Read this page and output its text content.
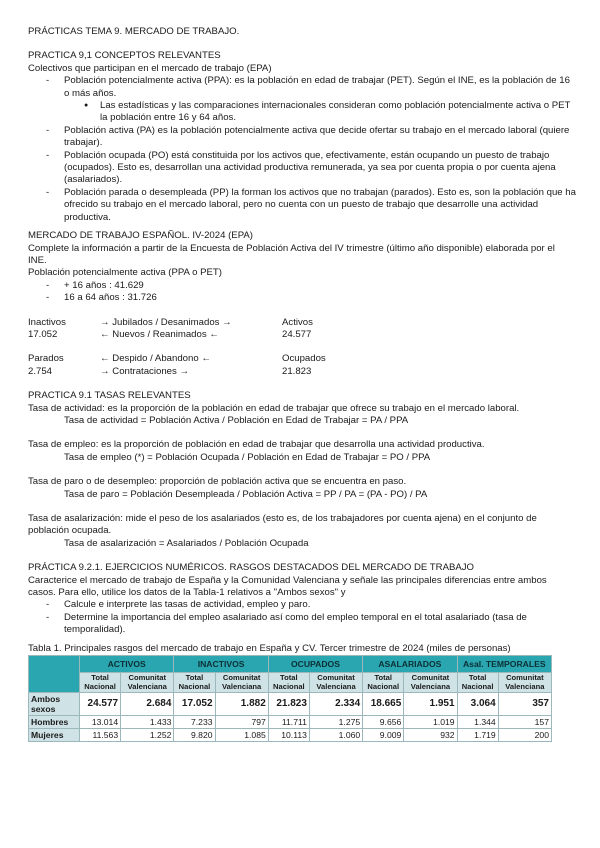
PRÁCTICAS TEMA 9. MERCADO DE TRABAJO.
PRACTICA 9,1 CONCEPTOS RELEVANTES
Colectivos que participan en el mercado de trabajo (EPA)
- Población potencialmente activa (PPA): es la población en edad de trabajar (PET). Según el INE, es la población de 16 o más años.
● Las estadísticas y las comparaciones internacionales consideran como población potencialmente activa o PET la población entre 16 y 64 años.
- Población activa (PA) es la población potencialmente activa que decide ofertar su trabajo en el mercado laboral (quiere trabajar).
- Población ocupada (PO) está constituida por los activos que, efectivamente, están ocupando un puesto de trabajo (ocupados). Esto es, desarrollan una actividad productiva remunerada, ya sea por cuenta propia o por cuenta ajena (asalariados).
- Población parada o desempleada (PP) la forman los activos que no trabajan (parados). Esto es, son la población que ha ofrecido su trabajo en el mercado laboral, pero no cuenta con un puesto de trabajo que desarrolle una actividad productiva.
MERCADO DE TRABAJO ESPAÑOL. IV-2024 (EPA)
Complete la información a partir de la Encuesta de Población Activa del IV trimestre (último año disponible) elaborada por el INE.
Población potencialmente activa (PPA o PET)
- + 16 años : 41.629
- 16 a 64 años : 31.726
Inactivos	→ Jubilados / Desanimados →	Activos
17.052	← Nuevos / Reanimados ←	24.577
Parados	← Despido / Abandono ←	Ocupados
2.754	→ Contrataciones →	21.823
PRACTICA 9.1 TASAS RELEVANTES
Tasa de actividad: es la proporción de la población en edad de trabajar que ofrece su trabajo en el mercado laboral.
Tasa de actividad = Población Activa / Población en Edad de Trabajar = PA / PPA
Tasa de empleo: es la proporción de población en edad de trabajar que desarrolla una actividad productiva.
Tasa de empleo (*) = Población Ocupada / Población en Edad de Trabajar = PO / PPA
Tasa de paro o de desempleo: proporción de población activa que se encuentra en paso.
Tasa de paro = Población Desempleada / Población Activa = PP / PA = (PA - PO) / PA
Tasa de asalarización: mide el peso de los asalariados (esto es, de los trabajadores por cuenta ajena) en el conjunto de población ocupada.
Tasa de asalarización = Asalariados / Población Ocupada
PRÁCTICA 9.2.1. EJERCICIOS NUMÉRICOS. RASGOS DESTACADOS DEL MERCADO DE TRABAJO
Caracterice el mercado de trabajo de España y la Comunidad Valenciana y señale las principales diferencias entre ambos casos. Para ello, utilice los datos de la Tabla-1 relativos a "Ambos sexos" y
- Calcule e interprete las tasas de actividad, empleo y paro.
- Determine la importancia del empleo asalariado así como del empleo temporal en el total asalariado (tasa de temporalidad).
Tabla 1. Principales rasgos del mercado de trabajo en España y CV. Tercer trimestre de 2024 (miles de personas)
	ACTIVOS		INACTIVOS		OCUPADOS		ASALARIADOS		Asal. TEMPORALES	
	Total Nacional	Comunitat Valenciana	Total Nacional	Comunitat Valenciana	Total Nacional	Comunitat Valenciana	Total Nacional	Comunitat Valenciana	Total Nacional	Comunitat Valenciana
Ambos sexos	24.577	2.684	17.052	1.882	21.823	2.334	18.665	1.951	3.064	357
Hombres	13.014	1.433	7.233	797	11.711	1.275	9.656	1.019	1.344	157
Mujeres	11.563	1.252	9.820	1.085	10.113	1.060	9.009	932	1.719	200
